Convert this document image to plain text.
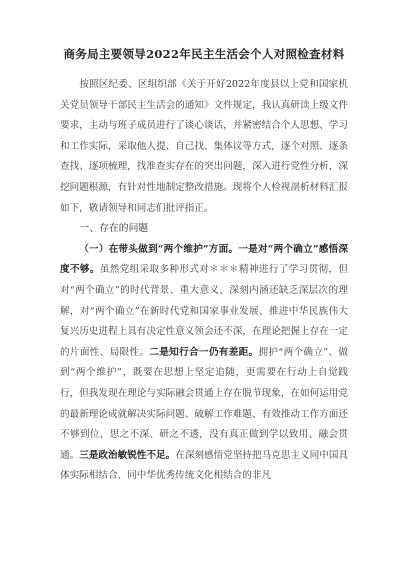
商务局主要领导2022年民主生活会个人对照检查材料

按照区纪委、区组织部《关于开好2022年度县以上党和国家机关党员领导干部民主生活会的通知》文件规定，我认真研读上级文件要求，主动与班子成员进行了谈心谈话，并紧密结合个人思想、学习和工作实际，采取他人提、自己找、集体议等方式，逐个对照、逐条查找、逐项梳理，找准查实存在的突出问题，深入进行党性分析，深挖问题根源，有针对性地制定整改措施。现将个人检视剖析材料汇报如下，敬请领导和同志们批评指正。

一、存在的问题

（一）在带头做到“两个维护”方面。一是对“两个确立”感悟深度不够。虽然党组采取多种形式对＊＊＊精神进行了学习贯彻，但对“两个确立”的时代背景、重大意义、深刻内涵还缺乏深层次的理解，对“两个确立”在新时代党和国家事业发展、推进中华民族伟大复兴历史进程上具有决定性意义领会还不深，在理论把握上存在一定的片面性、局限性。二是知行合一仍有差距。拥护“两个确立”、做到“两个维护”，既要在思想上坚定追随，更需要在行动上自觉践行，但我发现在理论与实际融会贯通上存在脱节现象，在如何运用党的最新理论成就解决实际问题、破解工作难题、有效推动工作方面还不够到位，思之不深、研之不透，没有真正做到学以致用、融会贯通。三是政治敏锐性不足。在深刻感悟党坚持把马克思主义同中国具体实际相结合、同中华优秀传统文化相结合的非凡
